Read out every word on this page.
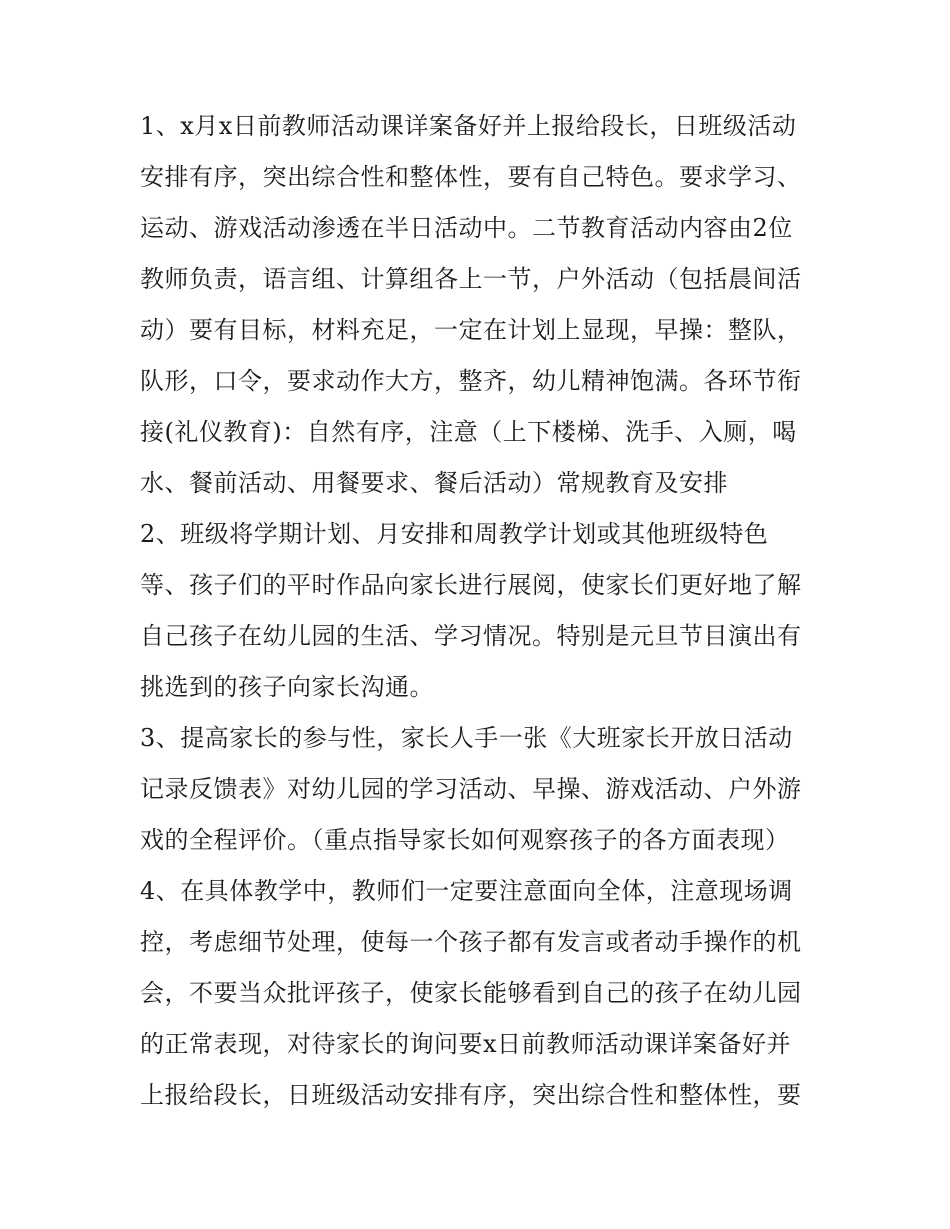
1、x月x日前教师活动课详案备好并上报给段长，日班级活动
安排有序，突出综合性和整体性，要有自己特色。要求学习、
运动、游戏活动渗透在半日活动中。二节教育活动内容由2位
教师负责，语言组、计算组各上一节，户外活动（包括晨间活
动）要有目标，材料充足，一定在计划上显现，早操：整队，
队形，口令，要求动作大方，整齐，幼儿精神饱满。各环节衔
接(礼仪教育)：自然有序，注意（上下楼梯、洗手、入厕，喝
水、餐前活动、用餐要求、餐后活动）常规教育及安排
2、班级将学期计划、月安排和周教学计划或其他班级特色
等、孩子们的平时作品向家长进行展阅，使家长们更好地了解
自己孩子在幼儿园的生活、学习情况。特别是元旦节目演出有
挑选到的孩子向家长沟通。
3、提高家长的参与性，家长人手一张《大班家长开放日活动
记录反馈表》对幼儿园的学习活动、早操、游戏活动、户外游
戏的全程评价。（重点指导家长如何观察孩子的各方面表现）
4、在具体教学中，教师们一定要注意面向全体，注意现场调
控，考虑细节处理，使每一个孩子都有发言或者动手操作的机
会，不要当众批评孩子，使家长能够看到自己的孩子在幼儿园
的正常表现，对待家长的询问要x日前教师活动课详案备好并
上报给段长，日班级活动安排有序，突出综合性和整体性，要
